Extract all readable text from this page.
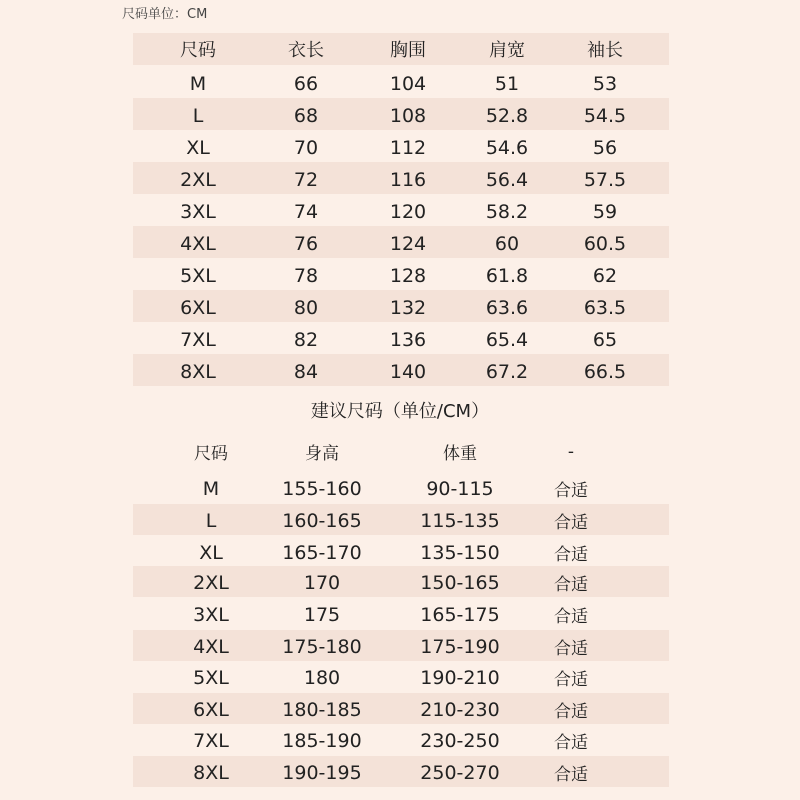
尺码单位：CM
尺码	衣长	胸围	肩宽	袖长
M	66	104	51	53
L	68	108	52.8	54.5
XL	70	112	54.6	56
2XL	72	116	56.4	57.5
3XL	74	120	58.2	59
4XL	76	124	60	60.5
5XL	78	128	61.8	62
6XL	80	132	63.6	63.5
7XL	82	136	65.4	65
8XL	84	140	67.2	66.5
建议尺码（单位/CM）
尺码	身高	体重	-
M	155-160	90-115	合适
L	160-165	115-135	合适
XL	165-170	135-150	合适
2XL	170	150-165	合适
3XL	175	165-175	合适
4XL	175-180	175-190	合适
5XL	180	190-210	合适
6XL	180-185	210-230	合适
7XL	185-190	230-250	合适
8XL	190-195	250-270	合适
